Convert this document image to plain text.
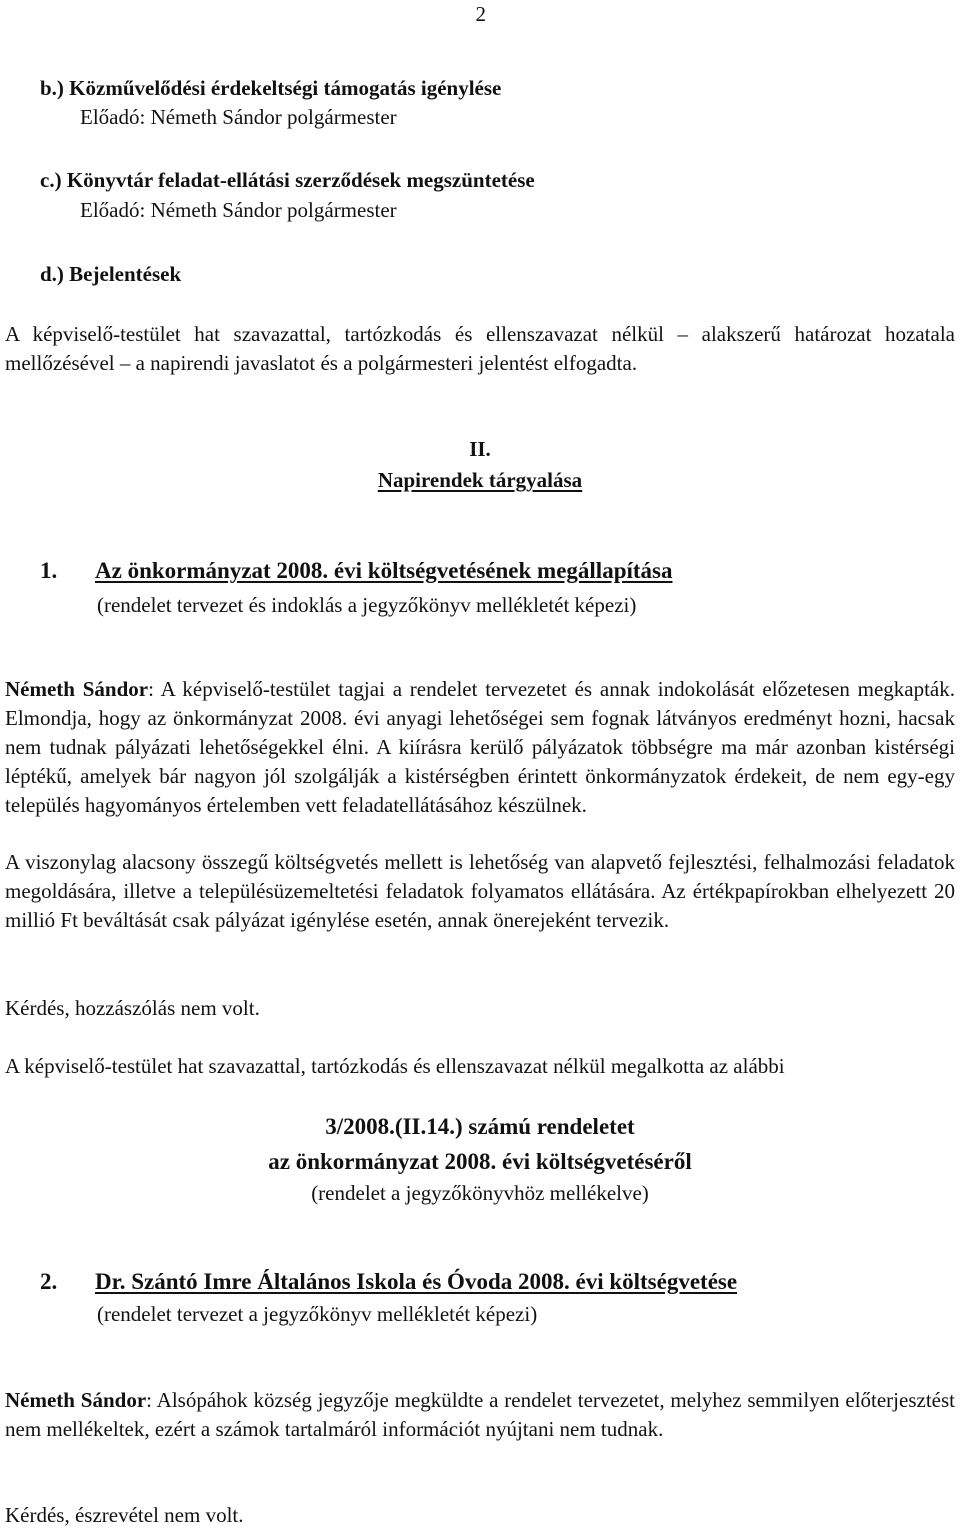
2

b.) Közművelődési érdekeltségi támogatás igénylése

Előadó: Németh Sándor polgármester

c.) Könyvtár feladat-ellátási szerződések megszüntetése

Előadó: Németh Sándor polgármester

d.) Bejelentések

A képviselő-testület hat szavazattal, tartózkodás és ellenszavazat nélkül – alakszerű határozat hozatala mellőzésével – a napirendi javaslatot és a polgármesteri jelentést elfogadta.

II.

Napirendek tárgyalása

1. Az önkormányzat 2008. évi költségvetésének megállapítása

(rendelet tervezet és indoklás a jegyzőkönyv mellékletét képezi)

Németh Sándor: A képviselő-testület tagjai a rendelet tervezetet és annak indokolását előzetesen megkapták. Elmondja, hogy az önkormányzat 2008. évi anyagi lehetőségei sem fognak látványos eredményt hozni, hacsak nem tudnak pályázati lehetőségekkel élni. A kiírásra kerülő pályázatok többségre ma már azonban kistérségi léptékű, amelyek bár nagyon jól szolgálják a kistérségben érintett önkormányzatok érdekeit, de nem egy-egy település hagyományos értelemben vett feladatellátásához készülnek.

A viszonylag alacsony összegű költségvetés mellett is lehetőség van alapvető fejlesztési, felhalmozási feladatok megoldására, illetve a településüzemeltetési feladatok folyamatos ellátására. Az értékpapírokban elhelyezett 20 millió Ft beváltását csak pályázat igénylése esetén, annak önerejeként tervezik.

Kérdés, hozzászólás nem volt.

A képviselő-testület hat szavazattal, tartózkodás és ellenszavazat nélkül megalkotta az alábbi

3/2008.(II.14.) számú rendeletet

az önkormányzat 2008. évi költségvetéséről

(rendelet a jegyzőkönyvhöz mellékelve)

2. Dr. Szántó Imre Általános Iskola és Óvoda 2008. évi költségvetése

(rendelet tervezet a jegyzőkönyv mellékletét képezi)

Németh Sándor: Alsópáhok község jegyzője megküldte a rendelet tervezetet, melyhez semmilyen előterjesztést nem mellékeltek, ezért a számok tartalmáról információt nyújtani nem tudnak.

Kérdés, észrevétel nem volt.
